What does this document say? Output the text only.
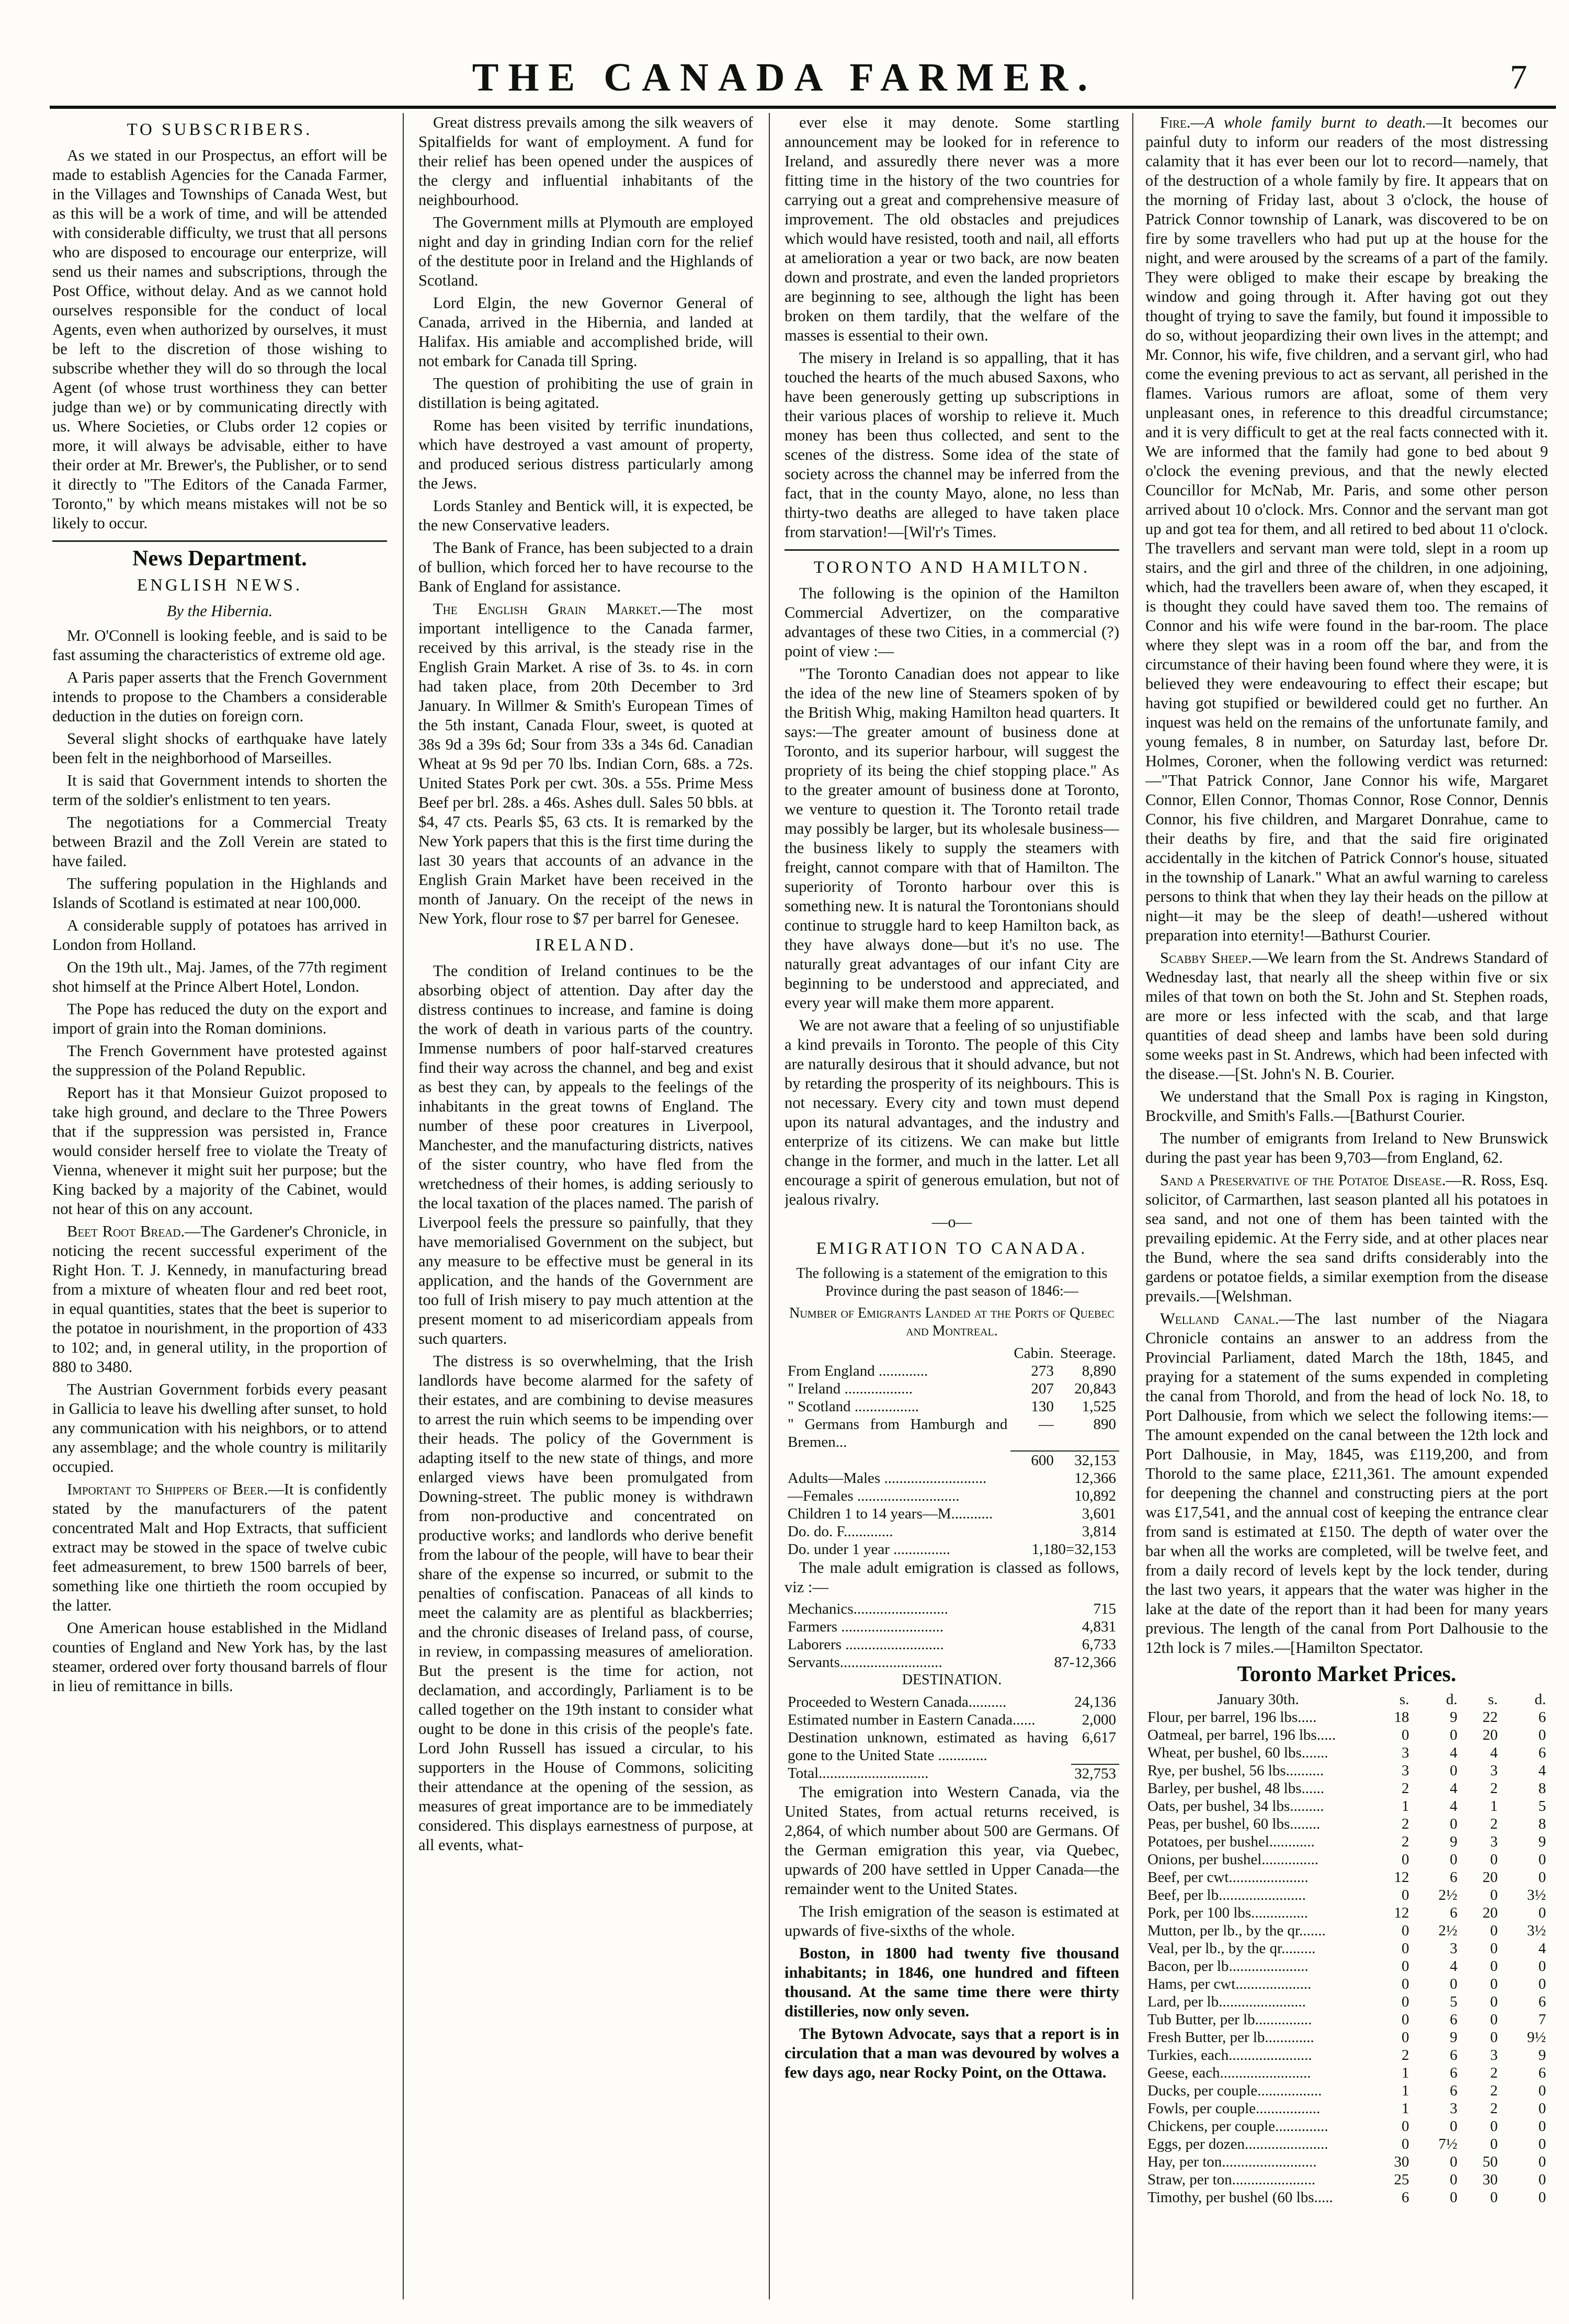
THE CANADA FARMER.	7
TO SUBSCRIBERS.

As we stated in our Prospectus, an effort will be made to establish Agencies for the Canada Farmer, in the Villages and Townships of Canada West, but as this will be a work of time, and will be attended with considerable difficulty, we trust that all persons who are disposed to encourage our enterprize, will send us their names and subscriptions, through the Post Office, without delay. And as we cannot hold ourselves responsible for the conduct of local Agents, even when authorized by ourselves, it must be left to the discretion of those wishing to subscribe whether they will do so through the local Agent (of whose trust worthiness they can better judge than we) or by communicating directly with us. Where Societies, or Clubs order 12 copies or more, it will always be advisable, either to have their order at Mr. Brewer's, the Publisher, or to send it directly to "The Editors of the Canada Farmer, Toronto," by which means mistakes will not be so likely to occur.

News Department.
ENGLISH NEWS.
By the Hibernia.

Mr. O'Connell is looking feeble, and is said to be fast assuming the characteristics of extreme old age.

A Paris paper asserts that the French Government intends to propose to the Chambers a considerable deduction in the duties on foreign corn.

Several slight shocks of earthquake have lately been felt in the neighborhood of Marseilles.

It is said that Government intends to shorten the term of the soldier's enlistment to ten years.

The negotiations for a Commercial Treaty between Brazil and the Zoll Verein are stated to have failed.

The suffering population in the Highlands and Islands of Scotland is estimated at near 100,000.

A considerable supply of potatoes has arrived in London from Holland.

On the 19th ult., Maj. James, of the 77th regiment shot himself at the Prince Albert Hotel, London.

The Pope has reduced the duty on the export and import of grain into the Roman dominions.

The French Government have protested against the suppression of the Poland Republic.

Report has it that Monsieur Guizot proposed to take high ground, and declare to the Three Powers that if the suppression was persisted in, France would consider herself free to violate the Treaty of Vienna, whenever it might suit her purpose; but the King backed by a majority of the Cabinet, would not hear of this on any account.

Beet Root Bread.—The Gardener's Chronicle, in noticing the recent successful experiment of the Right Hon. T. J. Kennedy, in manufacturing bread from a mixture of wheaten flour and red beet root, in equal quantities, states that the beet is superior to the potatoe in nourishment, in the proportion of 433 to 102; and, in general utility, in the proportion of 880 to 3480.

The Austrian Government forbids every peasant in Gallicia to leave his dwelling after sunset, to hold any communication with his neighbors, or to attend any assemblage; and the whole country is militarily occupied.

Important to Shippers of Beer.—It is confidently stated by the manufacturers of the patent concentrated Malt and Hop Extracts, that sufficient extract may be stowed in the space of twelve cubic feet admeasurement, to brew 1500 barrels of beer, something like one thirtieth the room occupied by the latter.

One American house established in the Midland counties of England and New York has, by the last steamer, ordered over forty thousand barrels of flour in lieu of remittance in bills.

Great distress prevails among the silk weavers of Spitalfields for want of employment. A fund for their relief has been opened under the auspices of the clergy and influential inhabitants of the neighbourhood.

The Government mills at Plymouth are employed night and day in grinding Indian corn for the relief of the destitute poor in Ireland and the Highlands of Scotland.

Lord Elgin, the new Governor General of Canada, arrived in the Hibernia, and landed at Halifax. His amiable and accomplished bride, will not embark for Canada till Spring.

The question of prohibiting the use of grain in distillation is being agitated.

Rome has been visited by terrific inundations, which have destroyed a vast amount of property, and produced serious distress particularly among the Jews.

Lords Stanley and Bentick will, it is expected, be the new Conservative leaders.

The Bank of France, has been subjected to a drain of bullion, which forced her to have recourse to the Bank of England for assistance.

The English Grain Market.—The most important intelligence to the Canada farmer, received by this arrival, is the steady rise in the English Grain Market. A rise of 3s. to 4s. in corn had taken place, from 20th December to 3rd January. In Willmer & Smith's European Times of the 5th instant, Canada Flour, sweet, is quoted at 38s 9d a 39s 6d; Sour from 33s a 34s 6d. Canadian Wheat at 9s 9d per 70 lbs. Indian Corn, 68s. a 72s. United States Pork per cwt. 30s. a 55s. Prime Mess Beef per brl. 28s. a 46s. Ashes dull. Sales 50 bbls. at $4, 47 cts. Pearls $5, 63 cts. It is remarked by the New York papers that this is the first time during the last 30 years that accounts of an advance in the English Grain Market have been received in the month of January. On the receipt of the news in New York, flour rose to $7 per barrel for Genesee.

IRELAND.

The condition of Ireland continues to be the absorbing object of attention. Day after day the distress continues to increase, and famine is doing the work of death in various parts of the country. Immense numbers of poor half-starved creatures find their way across the channel, and beg and exist as best they can, by appeals to the feelings of the inhabitants in the great towns of England. The number of these poor creatures in Liverpool, Manchester, and the manufacturing districts, natives of the sister country, who have fled from the wretchedness of their homes, is adding seriously to the local taxation of the places named. The parish of Liverpool feels the pressure so painfully, that they have memorialised Government on the subject, but any measure to be effective must be general in its application, and the hands of the Government are too full of Irish misery to pay much attention at the present moment to ad misericordiam appeals from such quarters.

The distress is so overwhelming, that the Irish landlords have become alarmed for the safety of their estates, and are combining to devise measures to arrest the ruin which seems to be impending over their heads. The policy of the Government is adapting itself to the new state of things, and more enlarged views have been promulgated from Downing-street. The public money is withdrawn from non-productive and concentrated on productive works; and landlords who derive benefit from the labour of the people, will have to bear their share of the expense so incurred, or submit to the penalties of confiscation. Panaceas of all kinds to meet the calamity are as plentiful as blackberries; and the chronic diseases of Ireland pass, of course, in review, in compassing measures of amelioration. But the present is the time for action, not declamation, and accordingly, Parliament is to be called together on the 19th instant to consider what ought to be done in this crisis of the people's fate. Lord John Russell has issued a circular, to his supporters in the House of Commons, soliciting their attendance at the opening of the session, as measures of great importance are to be immediately considered. This displays earnestness of purpose, at all events, what-

ever else it may denote. Some startling announcement may be looked for in reference to Ireland, and assuredly there never was a more fitting time in the history of the two countries for carrying out a great and comprehensive measure of improvement. The old obstacles and prejudices which would have resisted, tooth and nail, all efforts at amelioration a year or two back, are now beaten down and prostrate, and even the landed proprietors are beginning to see, although the light has been broken on them tardily, that the welfare of the masses is essential to their own.

The misery in Ireland is so appalling, that it has touched the hearts of the much abused Saxons, who have been generously getting up subscriptions in their various places of worship to relieve it. Much money has been thus collected, and sent to the scenes of the distress. Some idea of the state of society across the channel may be inferred from the fact, that in the county Mayo, alone, no less than thirty-two deaths are alleged to have taken place from starvation!—[Wil'r's Times.

TORONTO AND HAMILTON.

The following is the opinion of the Hamilton Commercial Advertizer, on the comparative advantages of these two Cities, in a commercial (?) point of view :—

"The Toronto Canadian does not appear to like the idea of the new line of Steamers spoken of by the British Whig, making Hamilton head quarters. It says:—The greater amount of business done at Toronto, and its superior harbour, will suggest the propriety of its being the chief stopping place." As to the greater amount of business done at Toronto, we venture to question it. The Toronto retail trade may possibly be larger, but its wholesale business—the business likely to supply the steamers with freight, cannot compare with that of Hamilton. The superiority of Toronto harbour over this is something new. It is natural the Torontonians should continue to struggle hard to keep Hamilton back, as they have always done—but it's no use. The naturally great advantages of our infant City are beginning to be understood and appreciated, and every year will make them more apparent.

We are not aware that a feeling of so unjustifiable a kind prevails in Toronto. The people of this City are naturally desirous that it should advance, but not by retarding the prosperity of its neighbours. This is not necessary. Every city and town must depend upon its natural advantages, and the industry and enterprize of its citizens. We can make but little change in the former, and much in the latter. Let all encourage a spirit of generous emulation, but not of jealous rivalry.

—o—
EMIGRATION TO CANADA.
The following is a statement of the emigration to this Province during the past season of 1846:—
Number of Emigrants Landed at the Ports of Quebec and Montreal.
	Cabin.	Steerage.
From England .............	273	8,890
" Ireland ..................	207	20,843
" Scotland .................	130	1,525
" Germans from Hamburgh and Bremen...	—	890
	600	32,153
Adults—Males ...........................	12,366
—Females ...........................	10,892
Children 1 to 14 years—M...........	3,601
Do. do. F.............	3,814
Do. under 1 year ...............	1,180=32,153

The male adult emigration is classed as follows, viz :—

Mechanics.........................	715
Farmers ...........................	4,831
Laborers ..........................	6,733
Servants...........................	87-12,366
DESTINATION.
Proceeded to Western Canada..........	24,136
Estimated number in Eastern Canada......	2,000
Destination unknown, estimated as having gone to the United State .............	6,617
Total.............................	32,753

The emigration into Western Canada, via the United States, from actual returns received, is 2,864, of which number about 500 are Germans. Of the German emigration this year, via Quebec, upwards of 200 have settled in Upper Canada—the remainder went to the United States.

The Irish emigration of the season is estimated at upwards of five-sixths of the whole.

Boston, in 1800 had twenty five thousand inhabitants; in 1846, one hundred and fifteen thousand. At the same time there were thirty distilleries, now only seven.

The Bytown Advocate, says that a report is in circulation that a man was devoured by wolves a few days ago, near Rocky Point, on the Ottawa.

Fire.—A whole family burnt to death.—It becomes our painful duty to inform our readers of the most distressing calamity that it has ever been our lot to record—namely, that of the destruction of a whole family by fire. It appears that on the morning of Friday last, about 3 o'clock, the house of Patrick Connor township of Lanark, was discovered to be on fire by some travellers who had put up at the house for the night, and were aroused by the screams of a part of the family. They were obliged to make their escape by breaking the window and going through it. After having got out they thought of trying to save the family, but found it impossible to do so, without jeopardizing their own lives in the attempt; and Mr. Connor, his wife, five children, and a servant girl, who had come the evening previous to act as servant, all perished in the flames. Various rumors are afloat, some of them very unpleasant ones, in reference to this dreadful circumstance; and it is very difficult to get at the real facts connected with it. We are informed that the family had gone to bed about 9 o'clock the evening previous, and that the newly elected Councillor for McNab, Mr. Paris, and some other person arrived about 10 o'clock. Mrs. Connor and the servant man got up and got tea for them, and all retired to bed about 11 o'clock. The travellers and servant man were told, slept in a room up stairs, and the girl and three of the children, in one adjoining, which, had the travellers been aware of, when they escaped, it is thought they could have saved them too. The remains of Connor and his wife were found in the bar-room. The place where they slept was in a room off the bar, and from the circumstance of their having been found where they were, it is believed they were endeavouring to effect their escape; but having got stupified or bewildered could get no further. An inquest was held on the remains of the unfortunate family, and young females, 8 in number, on Saturday last, before Dr. Holmes, Coroner, when the following verdict was returned:—"That Patrick Connor, Jane Connor his wife, Margaret Connor, Ellen Connor, Thomas Connor, Rose Connor, Dennis Connor, his five children, and Margaret Donrahue, came to their deaths by fire, and that the said fire originated accidentally in the kitchen of Patrick Connor's house, situated in the township of Lanark." What an awful warning to careless persons to think that when they lay their heads on the pillow at night—it may be the sleep of death!—ushered without preparation into eternity!—Bathurst Courier.

Scabby Sheep.—We learn from the St. Andrews Standard of Wednesday last, that nearly all the sheep within five or six miles of that town on both the St. John and St. Stephen roads, are more or less infected with the scab, and that large quantities of dead sheep and lambs have been sold during some weeks past in St. Andrews, which had been infected with the disease.—[St. John's N. B. Courier.

We understand that the Small Pox is raging in Kingston, Brockville, and Smith's Falls.—[Bathurst Courier.

The number of emigrants from Ireland to New Brunswick during the past year has been 9,703—from England, 62.

Sand a Preservative of the Potatoe Disease.—R. Ross, Esq. solicitor, of Carmarthen, last season planted all his potatoes in sea sand, and not one of them has been tainted with the prevailing epidemic. At the Ferry side, and at other places near the Bund, where the sea sand drifts considerably into the gardens or potatoe fields, a similar exemption from the disease prevails.—[Welshman.

Welland Canal.—The last number of the Niagara Chronicle contains an answer to an address from the Provincial Parliament, dated March the 18th, 1845, and praying for a statement of the sums expended in completing the canal from Thorold, and from the head of lock No. 18, to Port Dalhousie, from which we select the following items:—The amount expended on the canal between the 12th lock and Port Dalhousie, in May, 1845, was £119,200, and from Thorold to the same place, £211,361. The amount expended for deepening the channel and constructing piers at the port was £17,541, and the annual cost of keeping the entrance clear from sand is estimated at £150. The depth of water over the bar when all the works are completed, will be twelve feet, and from a daily record of levels kept by the lock tender, during the last two years, it appears that the water was higher in the lake at the date of the report than it had been for many years previous. The length of the canal from Port Dalhousie to the 12th lock is 7 miles.—[Hamilton Spectator.

Toronto Market Prices.
January 30th.	s.	d.	s.	d.
Flour, per barrel, 196 lbs.....	18	9	22	6
Oatmeal, per barrel, 196 lbs.....	0	0	20	0
Wheat, per bushel, 60 lbs.......	3	4	4	6
Rye, per bushel, 56 lbs..........	3	0	3	4
Barley, per bushel, 48 lbs......	2	4	2	8
Oats, per bushel, 34 lbs.........	1	4	1	5
Peas, per bushel, 60 lbs........	2	0	2	8
Potatoes, per bushel............	2	9	3	9
Onions, per bushel...............	0	0	0	0
Beef, per cwt.....................	12	6	20	0
Beef, per lb.......................	0	2½	0	3½
Pork, per 100 lbs...............	12	6	20	0
Mutton, per lb., by the qr.......	0	2½	0	3½
Veal, per lb., by the qr.........	0	3	0	4
Bacon, per lb.....................	0	4	0	0
Hams, per cwt....................	0	0	0	0
Lard, per lb.......................	0	5	0	6
Tub Butter, per lb...............	0	6	0	7
Fresh Butter, per lb.............	0	9	0	9½
Turkies, each......................	2	6	3	9
Geese, each........................	1	6	2	6
Ducks, per couple.................	1	6	2	0
Fowls, per couple.................	1	3	2	0
Chickens, per couple..............	0	0	0	0
Eggs, per dozen......................	0	7½	0	0
Hay, per ton.........................	30	0	50	0
Straw, per ton......................	25	0	30	0
Timothy, per bushel (60 lbs.....	6	0	0	0
